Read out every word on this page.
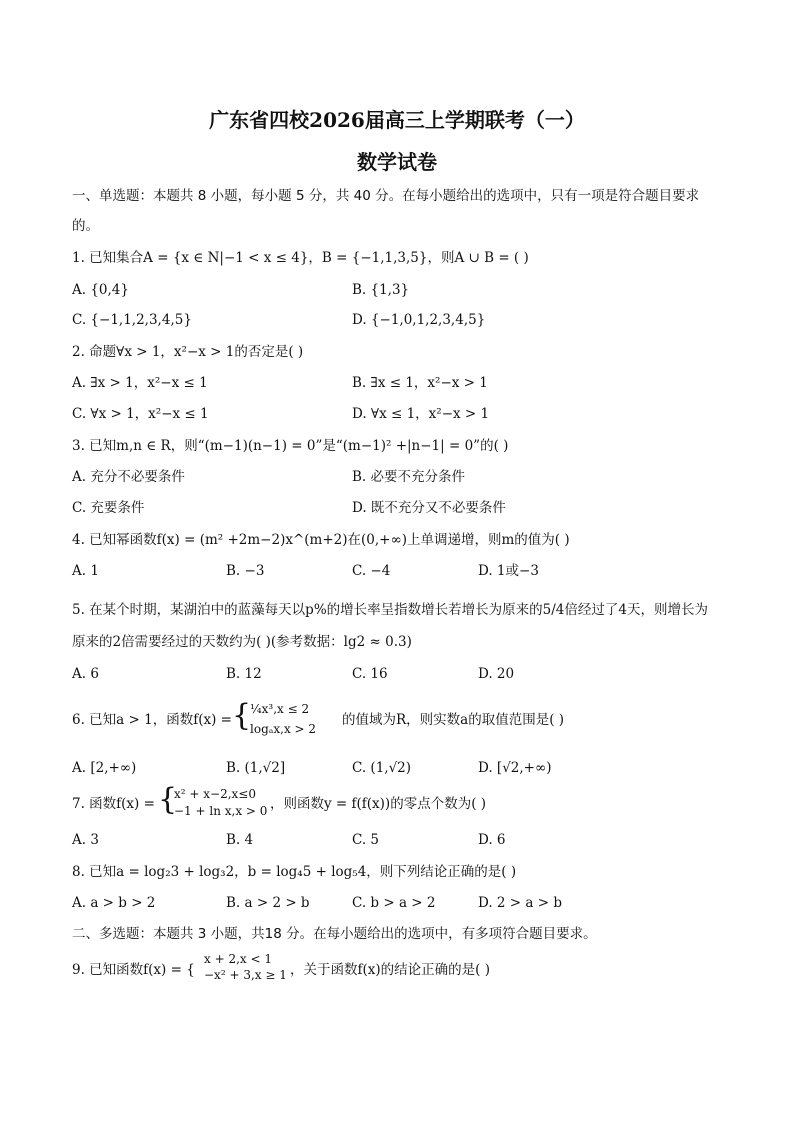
广东省四校2026届高三上学期联考（一）
数学试卷
一、单选题：本题共 8 小题，每小题 5 分，共 40 分。在每小题给出的选项中，只有一项是符合题目要求
的。
1. 已知集合A = {x ∈ N|−1 < x ≤ 4}，B = {−1,1,3,5}，则A ∪ B = ( )
A. {0,4}	B. {1,3}
C. {−1,1,2,3,4,5}	D. {−1,0,1,2,3,4,5}
2. 命题∀x > 1，x²−x > 1的否定是( )
A. ∃x > 1，x²−x ≤ 1	B. ∃x ≤ 1，x²−x > 1
C. ∀x > 1，x²−x ≤ 1	D. ∀x ≤ 1，x²−x > 1
3. 已知m,n ∈ R，则“(m−1)(n−1) = 0”是“(m−1)² +|n−1| = 0”的( )
A. 充分不必要条件	B. 必要不充分条件
C. 充要条件	D. 既不充分又不必要条件
4. 已知幂函数f(x) = (m² +2m−2)x^(m+2)在(0,+∞)上单调递增，则m的值为( )
A. 1	B. −3	C. −4	D. 1或−3
5. 在某个时期，某湖泊中的蓝藻每天以p%的增长率呈指数增长若增长为原来的5/4倍经过了4天，则增长为
原来的2倍需要经过的天数约为( )(参考数据：lg2 ≈ 0.3)
A. 6	B. 12	C. 16	D. 20
6. 已知a > 1，函数f(x) = {
¼x³,x ≤ 2
logₐx,x > 2
的值域为R，则实数a的取值范围是( )
A. [2,+∞)	B. (1,√2]	C. (1,√2)	D. [√2,+∞)
7. 函数f(x) = {
x² + x−2,x≤0
−1 + ln x,x > 0 ，则函数y = f(f(x))的零点个数为( )
A. 3	B. 4	C. 5	D. 6
8. 已知a = log₂3 + log₃2，b = log₄5 + log₅4，则下列结论正确的是( )
A. a > b > 2	B. a > 2 > b	C. b > a > 2	D. 2 > a > b
二、多选题：本题共 3 小题，共18 分。在每小题给出的选项中，有多项符合题目要求。
9. 已知函数f(x) = {
x + 2,x < 1
−x² + 3,x ≥ 1 ，关于函数f(x)的结论正确的是( )
